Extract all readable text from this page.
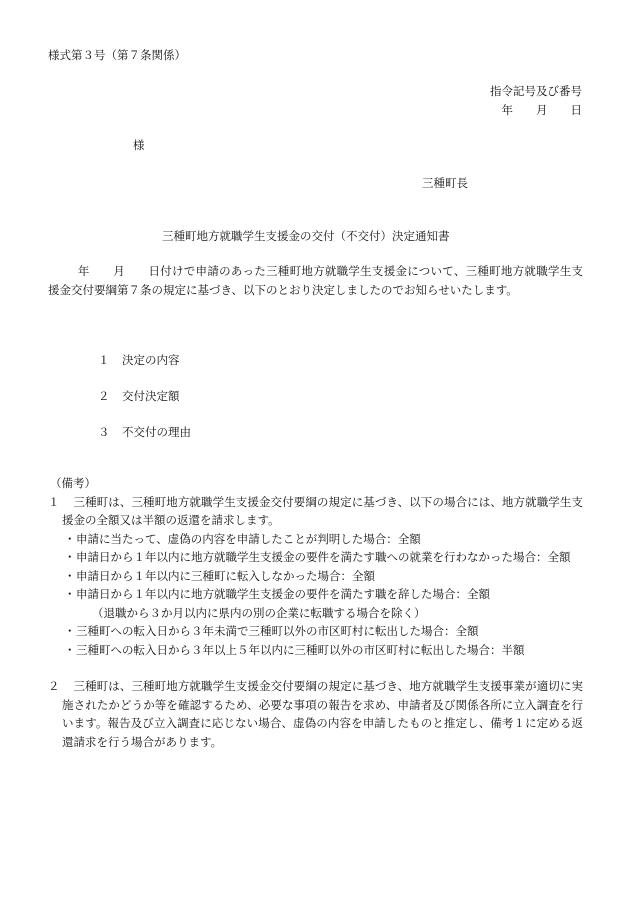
様式第３号（第７条関係）
指令記号及び番号
年　　月　　日
様
三種町長
三種町地方就職学生支援金の交付（不交付）決定通知書
年　　月　　日付けで申請のあった三種町地方就職学生支援金について、三種町地方就職学生支援金交付要綱第７条の規定に基づき、以下のとおり決定しましたのでお知らせいたします。
１ 決定の内容
２ 交付決定額
３ 不交付の理由
（備考）
１	三種町は、三種町地方就職学生支援金交付要綱の規定に基づき、以下の場合には、地方就職学生支援金の全額又は半額の返還を請求します。
・ 申請に当たって、虚偽の内容を申請したことが判明した場合：全額
・ 申請日から１年以内に地方就職学生支援金の要件を満たす職への就業を行わなかった場合：全額
・ 申請日から１年以内に三種町に転入しなかった場合：全額
・ 申請日から１年以内に地方就職学生支援金の要件を満たす職を辞した場合：全額
（退職から３か月以内に県内の別の企業に転職する場合を除く）
・ 三種町への転入日から３年未満で三種町以外の市区町村に転出した場合：全額
・ 三種町への転入日から３年以上５年以内に三種町以外の市区町村に転出した場合：半額
２	三種町は、三種町地方就職学生支援金交付要綱の規定に基づき、地方就職学生支援事業が適切に実施されたかどうか等を確認するため、必要な事項の報告を求め、申請者及び関係各所に立入調査を行います。報告及び立入調査に応じない場合、虚偽の内容を申請したものと推定し、備考１に定める返還請求を行う場合があります。
